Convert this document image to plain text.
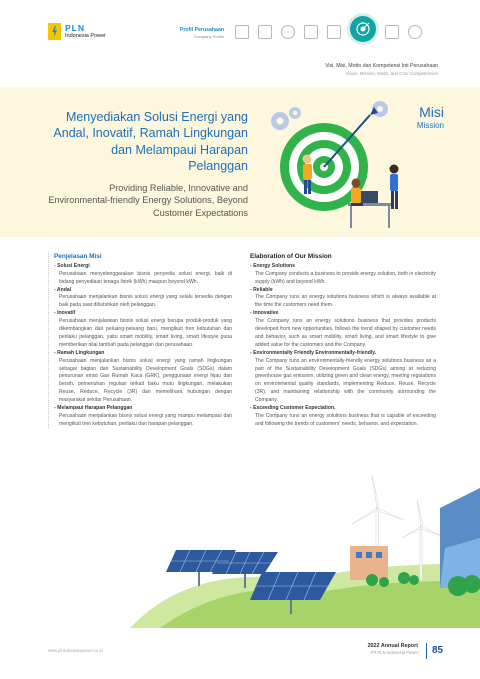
PLN
Indonesia Power
Profil Perusahaan
Company Profile
Visi, Misi, Motto dan Kompetensi Inti Perusahaan
Vision, Mission, Motto, and Core Competencies
Menyediakan Solusi Energi yang Andal, Inovatif, Ramah Lingkungan dan Melampaui Harapan Pelanggan
Providing Reliable, Innovative and Environmental-friendly Energy Solutions, Beyond Customer Expectations
Misi
Mission
Penjelasan Misi
- Solusi Energi
Perusahaan menyelenggarakan bisnis penyedia solusi energi, baik di bidang penyediaan tenaga listrik (kWh) maupun beyond kWh.
- Andal
Perusahaan menjalankan bisnis solusi energi yang selalu tersedia dengan baik pada saat dibutuhkan oleh pelanggan.
- Inovatif
Perusahaan menjalankan bisnis solusi energi berupa produk-produk yang dikembangkan dari peluang-peluang baru, mengikuti tren kebutuhan dan perilaku pelanggan, yaitu smart mobility, smart living, smart lifestyle guna memberikan nilai tambah pada pelanggan dan perusahaan.
- Ramah Lingkungan
Perusahaan menjalankan bisnis solusi energi yang ramah lingkungan sebagai bagian dari Sustainability Development Goals (SDGs) dalam penurunan emisi Gas Rumah Kaca (GRK), penggunaan energi hijau dan bersih, pemenuhan regulasi terkait baku mutu lingkungan, melakukan Reuse, Reduce, Recycle (3R) dan memelihara hubungan dengan masyarakat sekitar Perusahaan.
- Melampaui Harapan Pelanggan
Perusahaan menjalankan bisnis solusi energi yang mampu melampaui dan mengikuti tren kebutuhan, perilaku dan harapan pelanggan.
Elaboration of Our Mission
- Energy Solutions
The Company conducts a business to provide energy solution, both in electricity supply (kWh) and beyond kWh.
- Reliable
The Company runs an energy solutions business which is always available at the time the customers need them.
- Innovative
The Company runs an energy solutions business that provides products developed from new opportunities, follows the trend shaped by customer needs and behavior, such as smart mobility, smart living, and smart lifestyle to give added value for the customers and the Company.
- Environmentally Friendly Environmentally-friendly.
The Company runs an environmentally-friendly energy solutions business as a part of the Sustainability Development Goals (SDGs) aiming at reducing greenhouse gas emission, utilizing green and clean energy, meeting regulations on environmental quality standards, implementing Reduce, Reuse, Recycle (3R), and maintaining relationship with the community surrounding the Company.
- Exceeding Customer Expectation.
The Company runs an energy solutions business that is capable of exceeding and following the trends of customers' needs, behavior, and expectation.
www.plnindonesiapower.co.id
2022 Annual Report
PT PLN Indonesia Power 85
